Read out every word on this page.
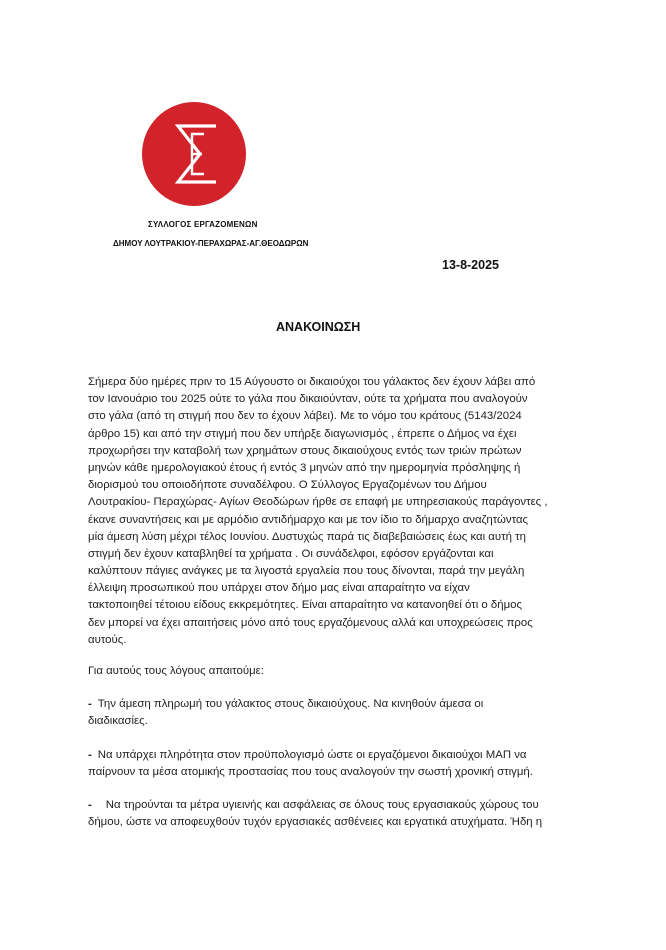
ΣΥΛΛΟΓΟΣ ΕΡΓΑΖΟΜΕΝΩΝ
ΔΗΜΟΥ ΛΟΥΤΡΑΚΙΟΥ-ΠΕΡΑΧΩΡΑΣ-ΑΓ.ΘΕΟΔΩΡΩΝ
13-8-2025
ΑΝΑΚΟΙΝΩΣΗ
Σήμερα δύο ημέρες πριν το 15 Αύγουστο οι δικαιούχοι του γάλακτος δεν έχουν λάβει από
τον Ιανουάριο του 2025 ούτε το γάλα που δικαιούνταν, ούτε τα χρήματα που αναλογούν
στο γάλα (από τη στιγμή που δεν το έχουν λάβει). Με το νόμο του κράτους (5143/2024
άρθρο 15) και από την στιγμή που δεν υπήρξε διαγωνισμός , έπρεπε ο Δήμος να έχει
προχωρήσει την καταβολή των χρημάτων στους δικαιούχους εντός των τριών πρώτων
μηνών κάθε ημερολογιακού έτους ή εντός 3 μηνών από την ημερομηνία πρόσληψης ή
διορισμού του οποιοδήποτε συναδέλφου. Ο Σύλλογος Εργαζομένων του Δήμου
Λουτρακίου- Περαχώρας- Αγίων Θεοδώρων ήρθε σε επαφή με υπηρεσιακούς παράγοντες ,
έκανε συναντήσεις και με αρμόδιο αντιδήμαρχο και με τον ίδιο το δήμαρχο αναζητώντας
μία άμεση λύση μέχρι τέλος Ιουνίου. Δυστυχώς παρά τις διαβεβαιώσεις έως και αυτή τη
στιγμή δεν έχουν καταβληθεί τα χρήματα . Οι συνάδελφοι, εφόσον εργάζονται και
καλύπτουν πάγιες ανάγκες με τα λιγοστά εργαλεία που τους δίνονται, παρά την μεγάλη
έλλειψη προσωπικού που υπάρχει στον δήμο μας είναι απαραίτητο να είχαν
τακτοποιηθεί τέτοιου είδους εκκρεμότητες. Είναι απαραίτητο να κατανοηθεί ότι ο δήμος
δεν μπορεί να έχει απαιτήσεις μόνο από τους εργαζόμενους αλλά και υποχρεώσεις προς
αυτούς.
Για αυτούς τους λόγους απαιτούμε:
- Την άμεση πληρωμή του γάλακτος στους δικαιούχους. Να κινηθούν άμεσα οι
διαδικασίες.
- Να υπάρχει πληρότητα στον προϋπολογισμό ώστε οι εργαζόμενοι δικαιούχοι ΜΑΠ να
παίρνουν τα μέσα ατομικής προστασίας που τους αναλογούν την σωστή χρονική στιγμή.
- Να τηρούνται τα μέτρα υγιεινής και ασφάλειας σε όλους τους εργασιακούς χώρους του
δήμου, ώστε να αποφευχθούν τυχόν εργασιακές ασθένειες και εργατικά ατυχήματα. Ήδη η
